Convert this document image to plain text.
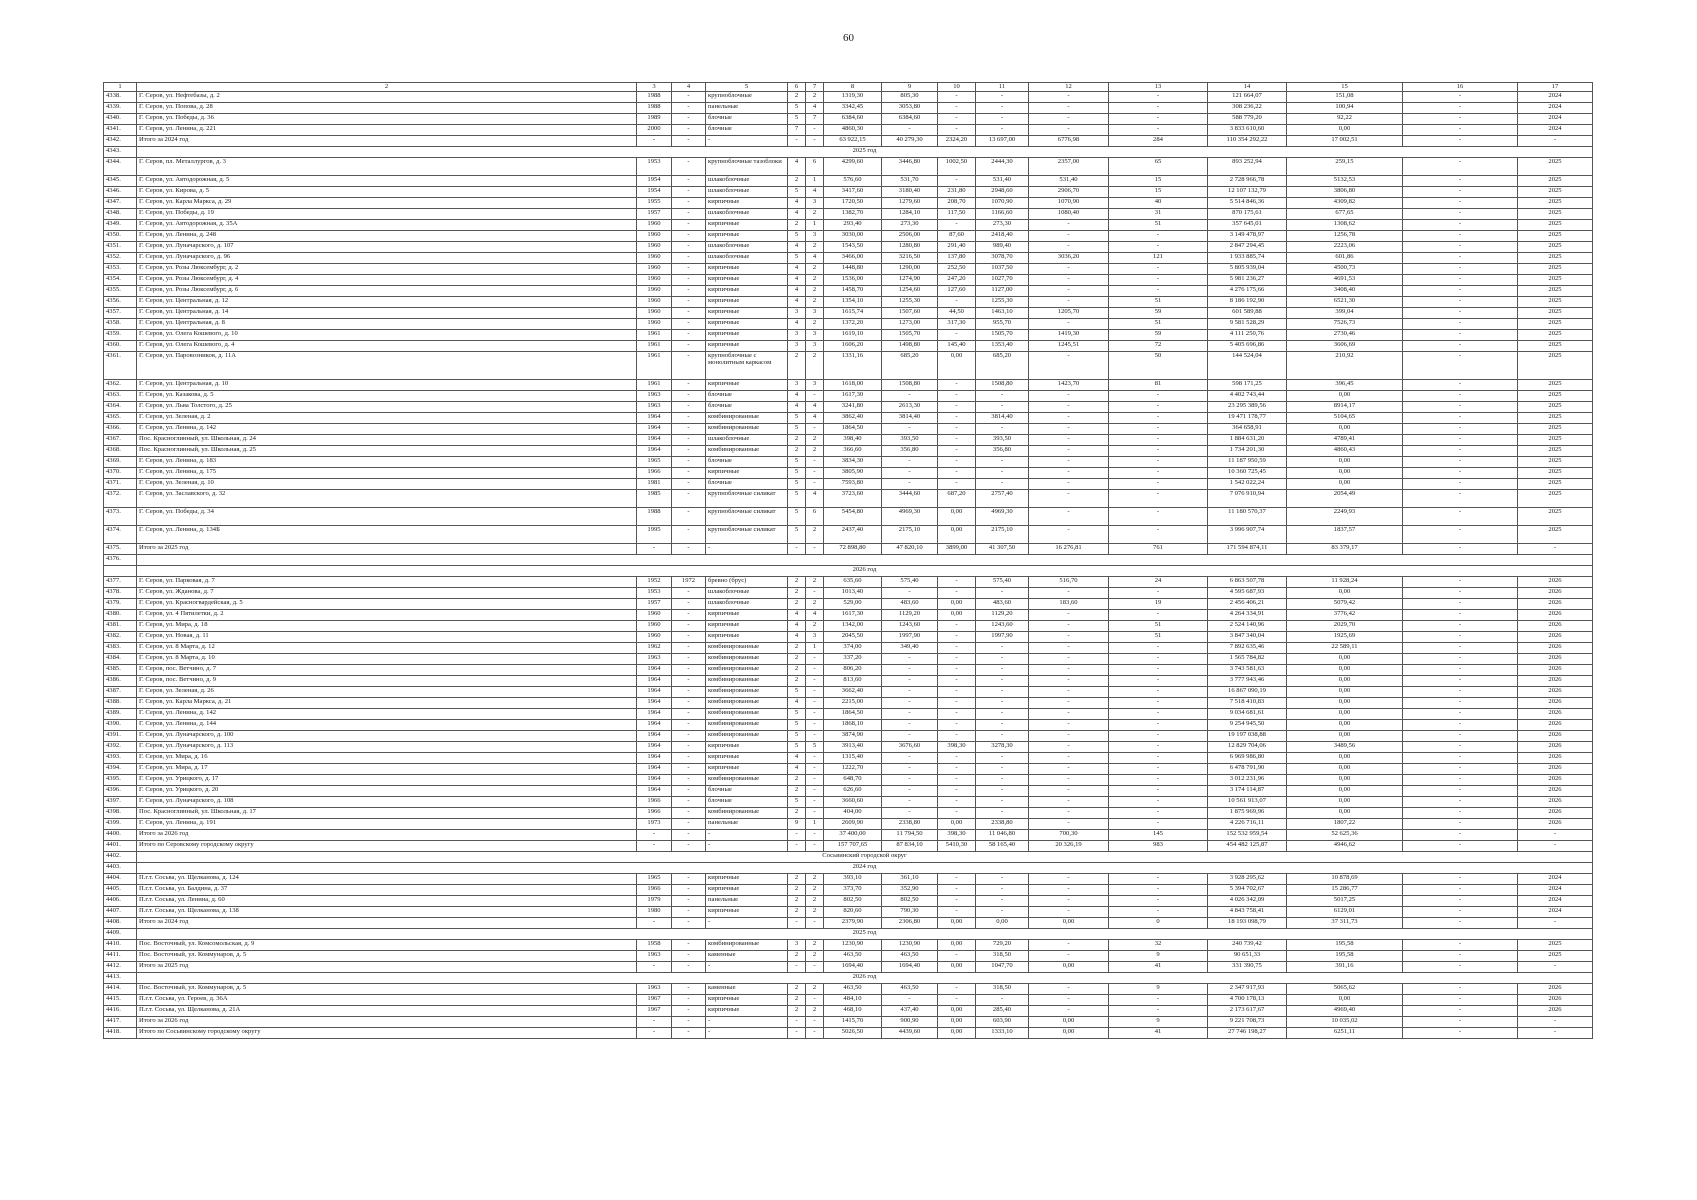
60
1	2	3	4	5	6	7	8	9	10	11	12	13	14	15	16	17
4338.	Г. Серов, ул. Нефтебазы, д. 2	1988	-	крупноблочные	2	2	1319,30	805,30	-	-	-	-	121 664,07	151,08	-	2024
4339.	Г. Серов, ул. Попова, д. 28	1988	-	панельные	5	4	3342,45	3053,80	-	-	-	-	308 236,22	100,94	-	2024
4340.	Г. Серов, ул. Победы, д. 36	1989	-	блочные	5	7	6384,60	6384,60	-	-	-	-	588 779,20	92,22	-	2024
4341.	Г. Серов, ул. Ленина, д. 221	2000	-	блочные	7	-	4860,30	-	-	-	-	-	3 833 610,60	0,00	-	2024
4342.	Итого за 2024 год	-	-	-	-	-	63 922,15	40 279,30	2324,20	13 697,00	6776,98	284	110 354 292,22	17 002,51	-	-
4343.	2025 год															
4344.	Г. Серов, пл. Металлургов, д. 3	1953	-	крупноблочные тазоблоки	4	6	4299,60	3446,80	1002,50	2444,30	2357,00	65	893 252,94	259,15	-	2025
4345.	Г. Серов, ул. Автодорожная, д. 5	1954	-	шлакоблочные	2	1	576,60	531,70	-	531,40	531,40	15	2 728 966,78	5132,53	-	2025
4346.	Г. Серов, ул. Кирова, д. 5	1954	-	шлакоблочные	5	4	3417,60	3180,40	231,80	2948,60	2906,70	15	12 107 132,79	3806,80	-	2025
4347.	Г. Серов, ул. Карла Маркса, д. 29	1955	-	кирпичные	4	3	1720,50	1279,60	208,70	1070,90	1070,90	40	5 514 846,36	4309,82	-	2025
4348.	Г. Серов, ул. Победы, д. 19	1957	-	шлакоблочные	4	2	1382,70	1284,10	117,50	1166,60	1080,40	31	870 175,61	677,65	-	2025
4349.	Г. Серов, ул. Автодорожная, д. 35А	1960	-	кирпичные	2	1	293,40	273,30	-	273,30	-	51	357 645,01	1308,62	-	2025
4350.	Г. Серов, ул. Ленина, д. 248	1960	-	кирпичные	5	3	3030,00	2506,00	87,60	2418,40	-	-	3 149 478,97	1256,78	-	2025
4351.	Г. Серов, ул. Луначарского, д. 107	1960	-	шлакоблочные	4	2	1543,50	1280,80	291,40	989,40	-	-	2 847 294,45	2223,06	-	2025
4352.	Г. Серов, ул. Луначарского, д. 96	1960	-	шлакоблочные	5	4	3466,00	3216,50	137,80	3078,70	3036,20	121	1 933 885,74	601,86	-	2025
4353.	Г. Серов, ул. Розы Люксембург, д. 2	1960	-	кирпичные	4	2	1448,80	1290,00	252,50	1037,50	-	-	5 805 939,04	4500,73	-	2025
4354.	Г. Серов, ул. Розы Люксембург, д. 4	1960	-	кирпичные	4	2	1536,00	1274,90	247,20	1027,70	-	-	5 981 236,27	4691,53	-	2025
4355.	Г. Серов, ул. Розы Люксембург, д. 6	1960	-	кирпичные	4	2	1458,70	1254,60	127,60	1127,00	-	-	4 276 175,66	3408,40	-	2025
4356.	Г. Серов, ул. Центральная, д. 12	1960	-	кирпичные	4	2	1354,10	1255,30	-	1255,30	-	51	8 186 192,90	6521,30	-	2025
4357.	Г. Серов, ул. Центральная, д. 14	1960	-	кирпичные	3	3	1615,74	1507,60	44,50	1463,10	1205,70	59	601 589,88	399,04	-	2025
4358.	Г. Серов, ул. Центральная, д. 8	1960	-	кирпичные	4	2	1372,20	1273,00	317,30	955,70	-	51	9 581 528,29	7526,73	-	2025
4359.	Г. Серов, ул. Олега Кошевого, д. 10	1961	-	кирпичные	3	3	1619,10	1505,70	-	1505,70	1419,30	59	4 111 250,76	2730,46	-	2025
4360.	Г. Серов, ул. Олега Кошевого, д. 4	1961	-	кирпичные	3	3	1606,20	1498,80	145,40	1353,40	1245,51	72	5 405 696,86	3606,69	-	2025
4361.	Г. Серов, ул. Паровозников, д. 11А	1961	-	крупноблочные с монолитным каркасом	2	2	1331,16	685,20	0,00	685,20	-	50	144 524,04	210,92	-	2025
4362.	Г. Серов, ул. Центральная, д. 10	1961	-	кирпичные	3	3	1618,00	1508,80	-	1508,80	1423,70	81	598 171,25	396,45	-	2025
4363.	Г. Серов, ул. Казакова, д. 5	1963	-	блочные	4	-	1617,30	-	-	-	-	-	4 402 743,44	0,00	-	2025
4364.	Г. Серов, ул. Льва Толстого, д. 25	1963	-	блочные	4	4	3241,80	2613,30	-	-	-	-	23 295 389,56	8914,17	-	2025
4365.	Г. Серов, ул. Зеленая, д. 2	1964	-	комбинированные	5	4	3862,40	3814,40	-	3814,40	-	-	19 471 178,77	5104,65	-	2025
4366.	Г. Серов, ул. Ленина, д. 142	1964	-	комбинированные	5	-	1864,50	-	-	-	-	-	364 658,91	0,00	-	2025
4367.	Пос. Красноглинный, ул. Школьная, д. 24	1964	-	шлакоблочные	2	2	398,40	393,50	-	393,50	-	-	1 884 631,20	4789,41	-	2025
4368.	Пос. Красноглинный, ул. Школьная, д. 25	1964	-	комбинированные	2	2	366,60	356,80	-	356,80	-	-	1 734 201,30	4860,43	-	2025
4369.	Г. Серов, ул. Ленина, д. 183	1965	-	блочные	5	-	3834,30	-	-	-	-	-	11 187 950,59	0,00	-	2025
4370.	Г. Серов, ул. Ленина, д. 175	1966	-	кирпичные	5	-	3805,90	-	-	-	-	-	10 360 725,45	0,00	-	2025
4371.	Г. Серов, ул. Зеленая, д. 10	1981	-	блочные	5	-	7593,80	-	-	-	-	-	1 542 022,24	0,00	-	2025
4372.	Г. Серов, ул. Заславского, д. 32	1985	-	крупноблочные силикат	5	4	3723,60	3444,60	687,20	2757,40	-	-	7 076 910,94	2054,49	-	2025
4373.	Г. Серов, ул. Победы, д. 34	1988	-	крупноблочные силикат	5	6	5454,80	4969,30	0,00	4969,30	-	-	11 180 570,37	2249,93	-	2025
4374.	Г. Серов, ул. Ленина, д. 134Б	1995	-	крупноблочные силикат	5	2	2437,40	2175,10	0,00	2175,10	-	-	3 996 907,74	1837,57	-	2025
4375.	Итого за 2025 год	-	-	-	-	-	72 898,80	47 820,10	3899,00	41 307,50	16 276,81	761	171 594 874,11	83 379,17	-	-
4376.																
	2026 год															
4377.	Г. Серов, ул. Парковая, д. 7	1952	1972	бревно (брус)	2	2	635,60	575,40	-	575,40	516,70	24	6 863 507,78	11 928,24	-	2026
4378.	Г. Серов, ул. Жданова, д. 7	1953	-	шлакоблочные	2	-	1013,40	-	-	-	-	-	4 595 687,93	0,00	-	2026
4379.	Г. Серов, ул. Красногвардейская, д. 5	1957	-	шлакоблочные	2	2	529,00	483,60	0,00	483,60	183,60	19	2 456 406,21	5079,42	-	2026
4380.	Г. Серов, ул. 4 Пятилетки, д. 2	1960	-	кирпичные	4	4	1617,30	1129,20	0,00	1129,20	-	-	4 264 334,91	3776,42	-	2026
4381.	Г. Серов, ул. Мира, д. 18	1960	-	кирпичные	4	2	1342,00	1243,60	-	1243,60	-	51	2 524 140,96	2029,70	-	2026
4382.	Г. Серов, ул. Новая, д. 11	1960	-	кирпичные	4	3	2045,50	1997,90	-	1997,90	-	51	3 847 340,04	1925,69	-	2026
4383.	Г. Серов, ул. 8 Марта, д. 12	1962	-	комбинированные	2	1	374,00	349,40	-	-	-	-	7 892 635,46	22 589,11	-	2026
4384.	Г. Серов, ул. 8 Марта, д. 10	1963	-	комбинированные	2	-	337,20	-	-	-	-	-	1 565 784,82	0,00	-	2026
4385.	Г. Серов, пос. Ветчино, д. 7	1964	-	комбинированные	2	-	806,20	-	-	-	-	-	3 743 581,63	0,00	-	2026
4386.	Г. Серов, пос. Ветчино, д. 9	1964	-	комбинированные	2	-	813,60	-	-	-	-	-	3 777 943,46	0,00	-	2026
4387.	Г. Серов, ул. Зеленая, д. 26	1964	-	комбинированные	5	-	3662,40	-	-	-	-	-	16 867 090,19	0,00	-	2026
4388.	Г. Серов, ул. Карла Маркса, д. 21	1964	-	комбинированные	4	-	2215,00	-	-	-	-	-	7 518 410,83	0,00	-	2026
4389.	Г. Серов, ул. Ленина, д. 142	1964	-	комбинированные	5	-	1864,50	-	-	-	-	-	9 034 681,61	0,00	-	2026
4390.	Г. Серов, ул. Ленина, д. 144	1964	-	комбинированные	5	-	1868,10	-	-	-	-	-	9 254 945,50	0,00	-	2026
4391.	Г. Серов, ул. Луначарского, д. 100	1964	-	комбинированные	5	-	3874,90	-	-	-	-	-	19 197 038,88	0,00	-	2026
4392.	Г. Серов, ул. Луначарского, д. 113	1964	-	кирпичные	5	5	3913,40	3676,60	398,30	3278,30	-	-	12 829 704,06	3489,56	-	2026
4393.	Г. Серов, ул. Мира, д. 16	1964	-	кирпичные	4	-	1315,40	-	-	-	-	-	6 969 986,80	0,00	-	2026
4394.	Г. Серов, ул. Мира, д. 17	1964	-	кирпичные	4	-	1222,70	-	-	-	-	-	6 478 791,90	0,00	-	2026
4395.	Г. Серов, ул. Урицкого, д. 17	1964	-	комбинированные	2	-	648,70	-	-	-	-	-	3 012 231,96	0,00	-	2026
4396.	Г. Серов, ул. Урицкого, д. 20	1964	-	блочные	2	-	626,60	-	-	-	-	-	3 174 114,87	0,00	-	2026
4397.	Г. Серов, ул. Луначарского, д. 108	1966	-	блочные	5	-	3660,60	-	-	-	-	-	10 561 913,07	0,00	-	2026
4398.	Пос. Красноглинный, ул. Школьная, д. 17	1966	-	комбинированные	2	-	404,00	-	-	-	-	-	1 875 969,96	0,00	-	2026
4399.	Г. Серов, ул. Ленина, д. 191	1973	-	панельные	9	1	2609,90	2338,80	0,00	2338,80	-	-	4 226 716,11	1807,22	-	2026
4400.	Итого за 2026 год	-	-	-	-	-	37 400,00	11 794,50	398,30	11 046,80	700,30	145	152 532 959,54	52 625,36	-	-
4401.	Итого по Серовскому городскому округу	-	-	-	-	-	157 707,65	87 834,10	5410,30	58 165,40	20 326,19	983	454 482 125,87	4946,62	-	-
4402.	Сосьвинский городской округ															
4403.	2024 год															
4404.	П.г.т. Сосьва, ул. Щелканова, д. 124	1965	-	кирпичные	2	2	393,10	361,10	-	-	-	-	3 928 295,62	10 878,69	-	2024
4405.	П.г.т. Сосьва, ул. Балдина, д. 37	1966	-	кирпичные	2	2	373,70	352,90	-	-	-	-	5 394 702,67	15 286,77	-	2024
4406.	П.г.т. Сосьва, ул. Ленина, д. 60	1979	-	панельные	2	2	802,50	802,50	-	-	-	-	4 026 342,09	5017,25	-	2024
4407.	П.г.т. Сосьва, ул. Щелканова, д. 138	1980	-	кирпичные	2	2	820,60	790,30	-	-	-	-	4 843 758,41	6129,01	-	2024
4408.	Итого за 2024 год	-	-	-	-	-	2379,90	2306,80	0,00	0,00	0,00	0	18 193 098,79	37 311,73	-	-
4409.	2025 год															
4410.	Пос. Восточный, ул. Комсомольская, д. 9	1958	-	комбинированные	3	2	1230,90	1230,90	0,00	729,20	-	32	240 739,42	195,58	-	2025
4411.	Пос. Восточный, ул. Коммунаров, д. 5	1963	-	каменные	2	2	463,50	463,50	-	318,50	-	9	90 651,33	195,58	-	2025
4412.	Итого за 2025 год	-	-	-	-	-	1694,40	1694,40	0,00	1047,70	0,00	41	331 390,75	391,16	-	-
4413.	2026 год															
4414.	Пос. Восточный, ул. Коммунаров, д. 5	1963	-	каменные	2	2	463,50	463,50	-	318,50	-	9	2 347 917,93	5065,62	-	2026
4415.	П.г.т. Сосьва, ул. Героев, д. 36А	1967	-	кирпичные	2	-	484,10	-	-	-	-	-	4 700 178,13	0,00	-	2026
4416.	П.г.т. Сосьва, ул. Щелканова, д. 21А	1967	-	кирпичные	2	2	468,10	437,40	0,00	285,40	-	-	2 173 617,67	4969,40	-	2026
4417.	Итого за 2026 год	-	-	-	-	-	1415,70	900,90	0,00	603,90	0,00	9	9 221 708,73	10 035,02	-	-
4418.	Итого по Сосьвинскому городскому округу	-	-	-	-	-	5026,50	4439,60	0,00	1333,10	0,00	41	27 746 198,27	6251,11	-	-
